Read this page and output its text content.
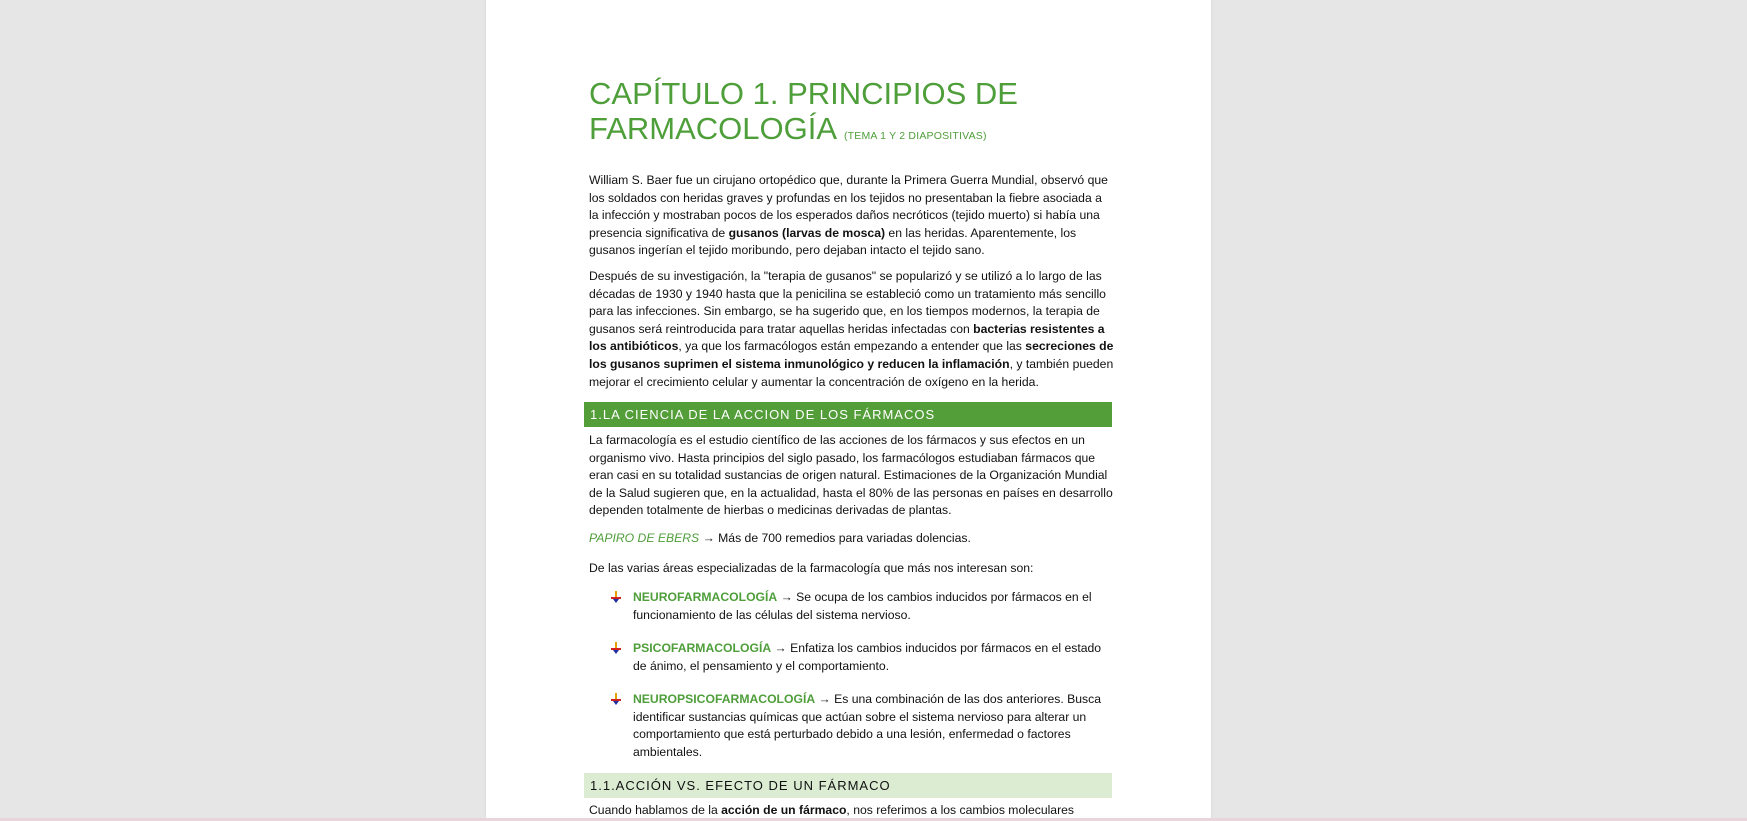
CAPÍTULO 1. PRINCIPIOS DE
FARMACOLOGÍA (TEMA 1 Y 2 DIAPOSITIVAS)

William S. Baer fue un cirujano ortopédico que, durante la Primera Guerra Mundial, observó que los soldados con heridas graves y profundas en los tejidos no presentaban la fiebre asociada a la infección y mostraban pocos de los esperados daños necróticos (tejido muerto) si había una presencia significativa de gusanos (larvas de mosca) en las heridas. Aparentemente, los gusanos ingerían el tejido moribundo, pero dejaban intacto el tejido sano.

Después de su investigación, la "terapia de gusanos" se popularizó y se utilizó a lo largo de las décadas de 1930 y 1940 hasta que la penicilina se estableció como un tratamiento más sencillo para las infecciones. Sin embargo, se ha sugerido que, en los tiempos modernos, la terapia de gusanos será reintroducida para tratar aquellas heridas infectadas con bacterias resistentes a los antibióticos, ya que los farmacólogos están empezando a entender que las secreciones de los gusanos suprimen el sistema inmunológico y reducen la inflamación, y también pueden mejorar el crecimiento celular y aumentar la concentración de oxígeno en la herida.

1.LA CIENCIA DE LA ACCION DE LOS FÁRMACOS

La farmacología es el estudio científico de las acciones de los fármacos y sus efectos en un organismo vivo. Hasta principios del siglo pasado, los farmacólogos estudiaban fármacos que eran casi en su totalidad sustancias de origen natural. Estimaciones de la Organización Mundial de la Salud sugieren que, en la actualidad, hasta el 80% de las personas en países en desarrollo dependen totalmente de hierbas o medicinas derivadas de plantas.

PAPIRO DE EBERS → Más de 700 remedios para variadas dolencias.

De las varias áreas especializadas de la farmacología que más nos interesan son:

NEUROFARMACOLOGÍA → Se ocupa de los cambios inducidos por fármacos en el funcionamiento de las células del sistema nervioso.
PSICOFARMACOLOGÍA → Enfatiza los cambios inducidos por fármacos en el estado de ánimo, el pensamiento y el comportamiento.
NEUROPSICOFARMACOLOGÍA → Es una combinación de las dos anteriores. Busca identificar sustancias químicas que actúan sobre el sistema nervioso para alterar un comportamiento que está perturbado debido a una lesión, enfermedad o factores ambientales.
1.1.ACCIÓN VS. EFECTO DE UN FÁRMACO

Cuando hablamos de la acción de un fármaco, nos referimos a los cambios moleculares
